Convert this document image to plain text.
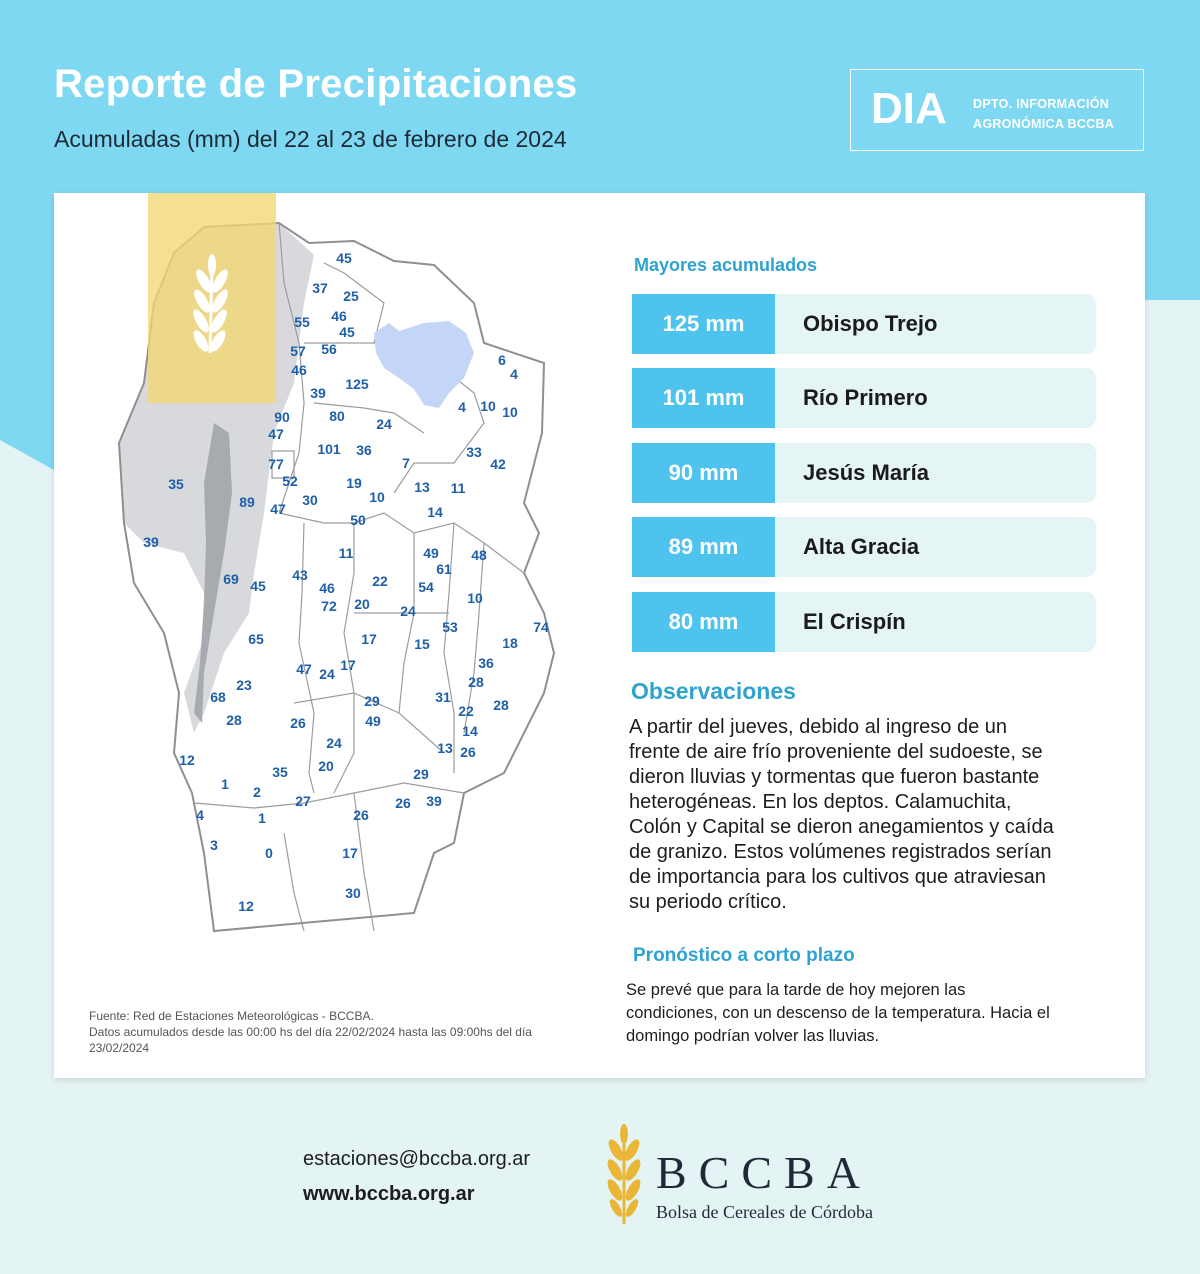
Reporte de Precipitaciones
Acumuladas (mm) del 22 al 23 de febrero de 2024
DIA DPTO. INFORMACIÓN
AGRONÓMICA BCCBA
45
37 25
55 46
45
57 56
46
125
39
6
4
4 10 10
90	80 24
47
101 36	33
42
77	7
52	19	13 11
35
89	30	10
47
50	14
39
11	49 48
61
69	43
46	22 54
45
72 20 24
10
74
53
18
65	17	15
36
47 24
17
28
23
68	29	31	28
28	49
22
26	14
24	13 26
12
35 20	29
1 2
27	26 39
4	1	26
3	0	17
30
12
Fuente: Red de Estaciones Meteorológicas - BCCBA.
Datos acumulados desde las 00:00 hs del día 22/02/2024 hasta las 09:00hs del día
23/02/2024
Mayores acumulados
125 mm	Obispo Trejo
101 mm	Río Primero
90 mm	Jesús María
89 mm	Alta Gracia
80 mm	El Crispín
Observaciones
A partir del jueves, debido al ingreso de un
frente de aire frío proveniente del sudoeste, se
dieron lluvias y tormentas que fueron bastante
heterogéneas. En los deptos. Calamuchita,
Colón y Capital se dieron anegamientos y caída
de granizo. Estos volúmenes registrados serían
de importancia para los cultivos que atraviesan
su periodo crítico.
Pronóstico a corto plazo
Se prevé que para la tarde de hoy mejoren las
condiciones, con un descenso de la temperatura. Hacia el
domingo podrían volver las lluvias.
estaciones@bccba.org.ar
www.bccba.org.ar	BCCBA
Bolsa de Cereales de Córdoba
